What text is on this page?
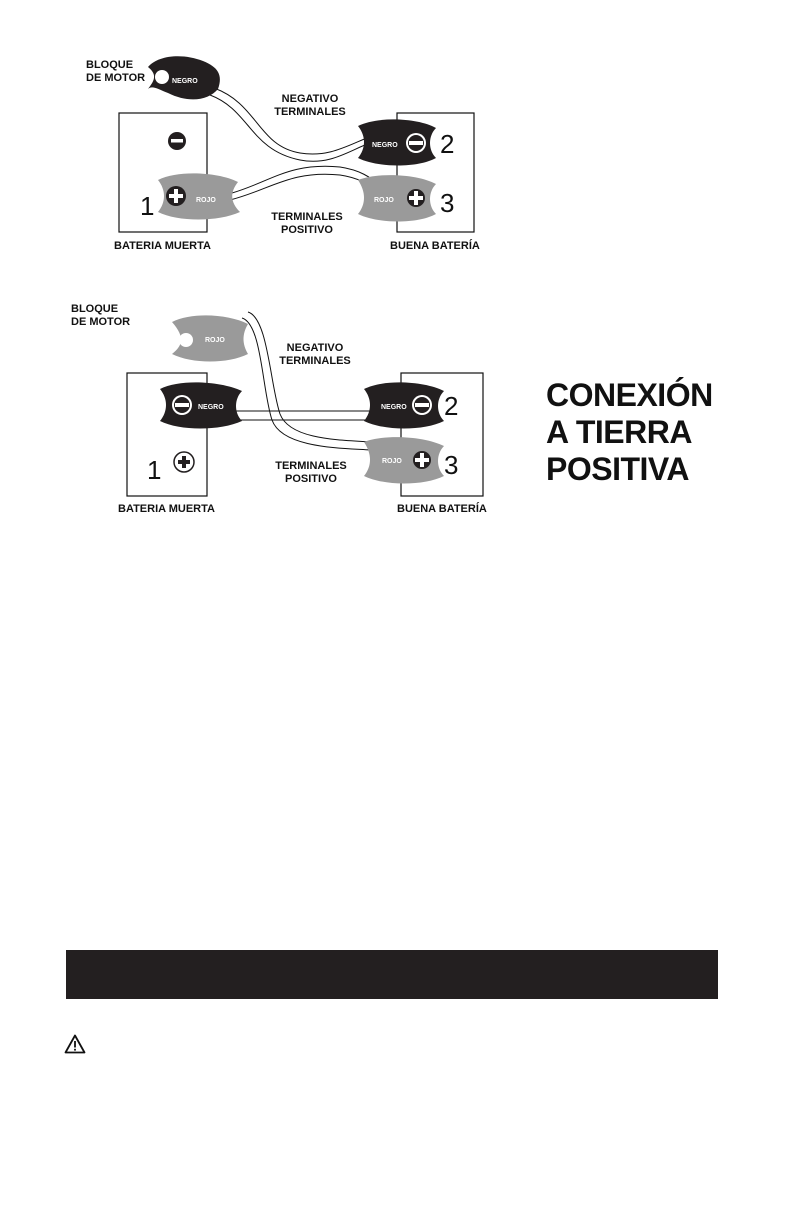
NEGRO
ROJO
NEGRO
ROJO
1
2
3
BLOQUE
DE MOTOR
NEGATIVO
TERMINALES
TERMINALES
POSITIVO
BATERIA MUERTA	BUENA BATERÍA
ROJO
NEGRO	NEGRO
ROJO
1
2
3
BLOQUE
DE MOTOR
NEGATIVO
TERMINALES
TERMINALES
POSITIVO
BATERIA MUERTA	BUENA BATERÍA
CONEXIÓN
A TIERRA
POSITIVA
